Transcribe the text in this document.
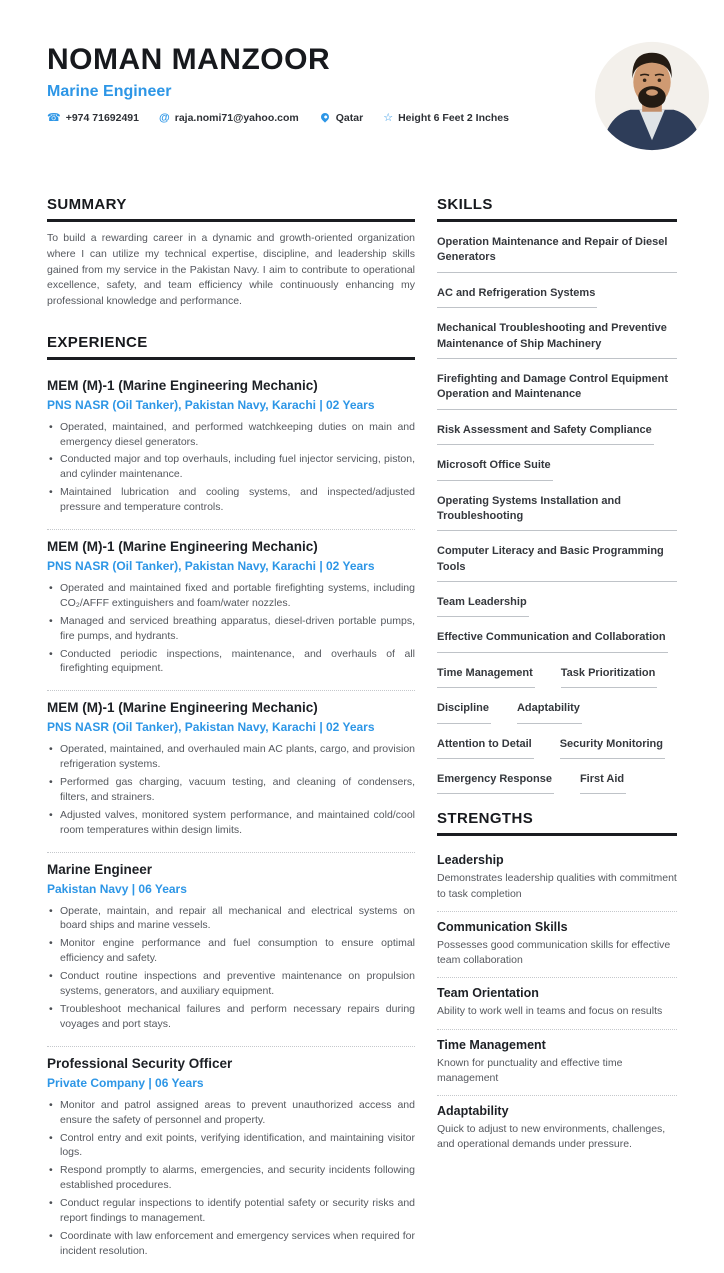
NOMAN MANZOOR
Marine Engineer
☎
+974 71692491 @	raja.nomi71@yahoo.com	Qatar ☆	Height 6 Feet 2 Inches
SUMMARY

To build a rewarding career in a dynamic and growth-oriented organization where I can utilize my technical expertise, discipline, and leadership skills gained from my service in the Pakistan Navy. I aim to contribute to operational excellence, safety, and team efficiency while continuously enhancing my professional knowledge and performance.

EXPERIENCE
MEM (M)-1 (Marine Engineering Mechanic)
PNS NASR (Oil Tanker), Pakistan Navy, Karachi | 02 Years
• Operated, maintained, and performed watchkeeping duties on main and emergency diesel generators.
• Conducted major and top overhauls, including fuel injector servicing, piston, and cylinder maintenance.
• Maintained lubrication and cooling systems, and inspected/adjusted pressure and temperature controls.
MEM (M)-1 (Marine Engineering Mechanic)
PNS NASR (Oil Tanker), Pakistan Navy, Karachi | 02 Years
• Operated and maintained fixed and portable firefighting systems, including CO₂/AFFF extinguishers and foam/water nozzles.
• Managed and serviced breathing apparatus, diesel-driven portable pumps, fire pumps, and hydrants.
• Conducted periodic inspections, maintenance, and overhauls of all firefighting equipment.
MEM (M)-1 (Marine Engineering Mechanic)
PNS NASR (Oil Tanker), Pakistan Navy, Karachi | 02 Years
• Operated, maintained, and overhauled main AC plants, cargo, and provision refrigeration systems.
• Performed gas charging, vacuum testing, and cleaning of condensers, filters, and strainers.
• Adjusted valves, monitored system performance, and maintained cold/cool room temperatures within design limits.
Marine Engineer
Pakistan Navy | 06 Years
• Operate, maintain, and repair all mechanical and electrical systems on board ships and marine vessels.
• Monitor engine performance and fuel consumption to ensure optimal efficiency and safety.
• Conduct routine inspections and preventive maintenance on propulsion systems, generators, and auxiliary equipment.
• Troubleshoot mechanical failures and perform necessary repairs during voyages and port stays.
Professional Security Officer
Private Company | 06 Years
• Monitor and patrol assigned areas to prevent unauthorized access and ensure the safety of personnel and property.
• Control entry and exit points, verifying identification, and maintaining visitor logs.
• Respond promptly to alarms, emergencies, and security incidents following established procedures.
• Conduct regular inspections to identify potential safety or security risks and report findings to management.
• Coordinate with law enforcement and emergency services when required for incident resolution.
SKILLS
Operation Maintenance and Repair of Diesel Generators
AC and Refrigeration Systems
Mechanical Troubleshooting and Preventive Maintenance of Ship Machinery
Firefighting and Damage Control Equipment Operation and Maintenance
Risk Assessment and Safety Compliance
Microsoft Office Suite
Operating Systems Installation and Troubleshooting
Computer Literacy and Basic Programming Tools
Team Leadership
Effective Communication and Collaboration
Time Management	Task Prioritization
Discipline	Adaptability
Attention to Detail	Security Monitoring
Emergency Response	First Aid
STRENGTHS
Leadership
Demonstrates leadership qualities with commitment to task completion
Communication Skills
Possesses good communication skills for effective team collaboration
Team Orientation
Ability to work well in teams and focus on results
Time Management
Known for punctuality and effective time management
Adaptability
Quick to adjust to new environments, challenges, and operational demands under pressure.
